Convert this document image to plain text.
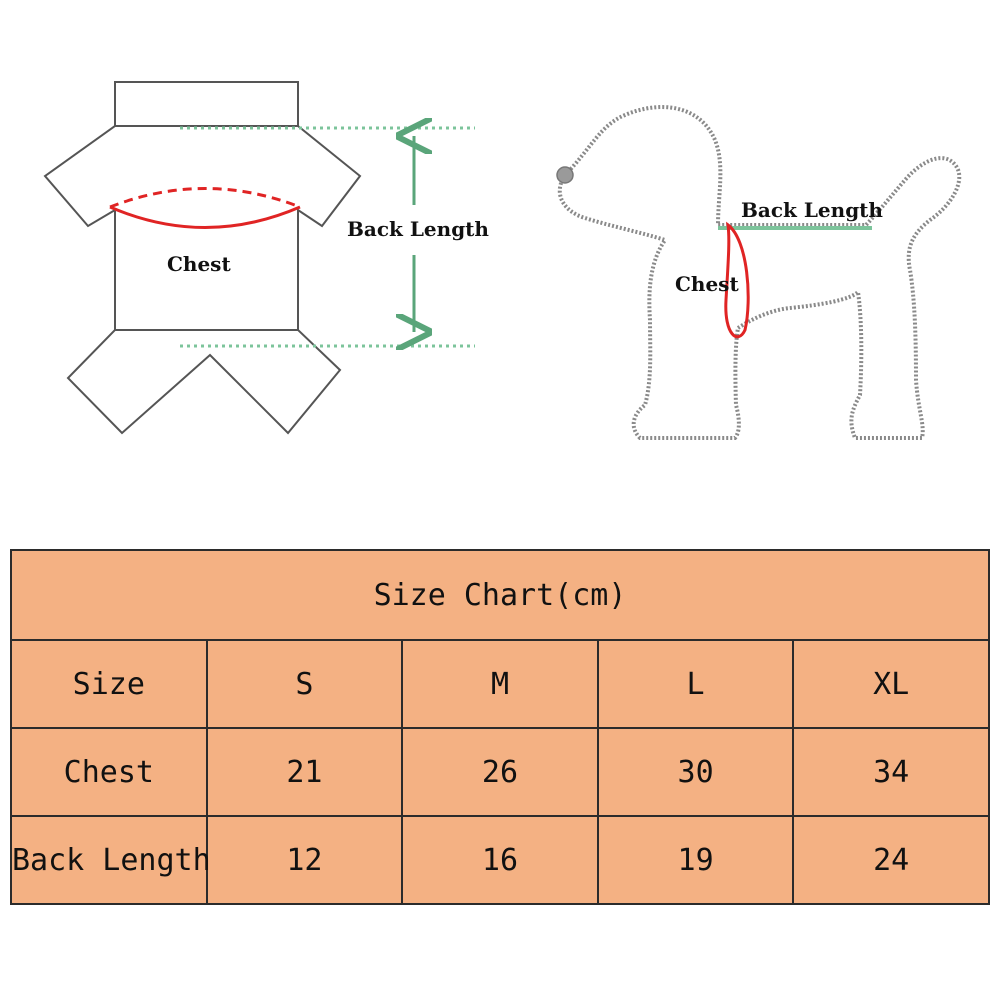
Chest
Back Length
Back Length
Chest
Size Chart(cm)				
Size	S	M	L	XL
Chest	21	26	30	34
Back Length	12	16	19	24
